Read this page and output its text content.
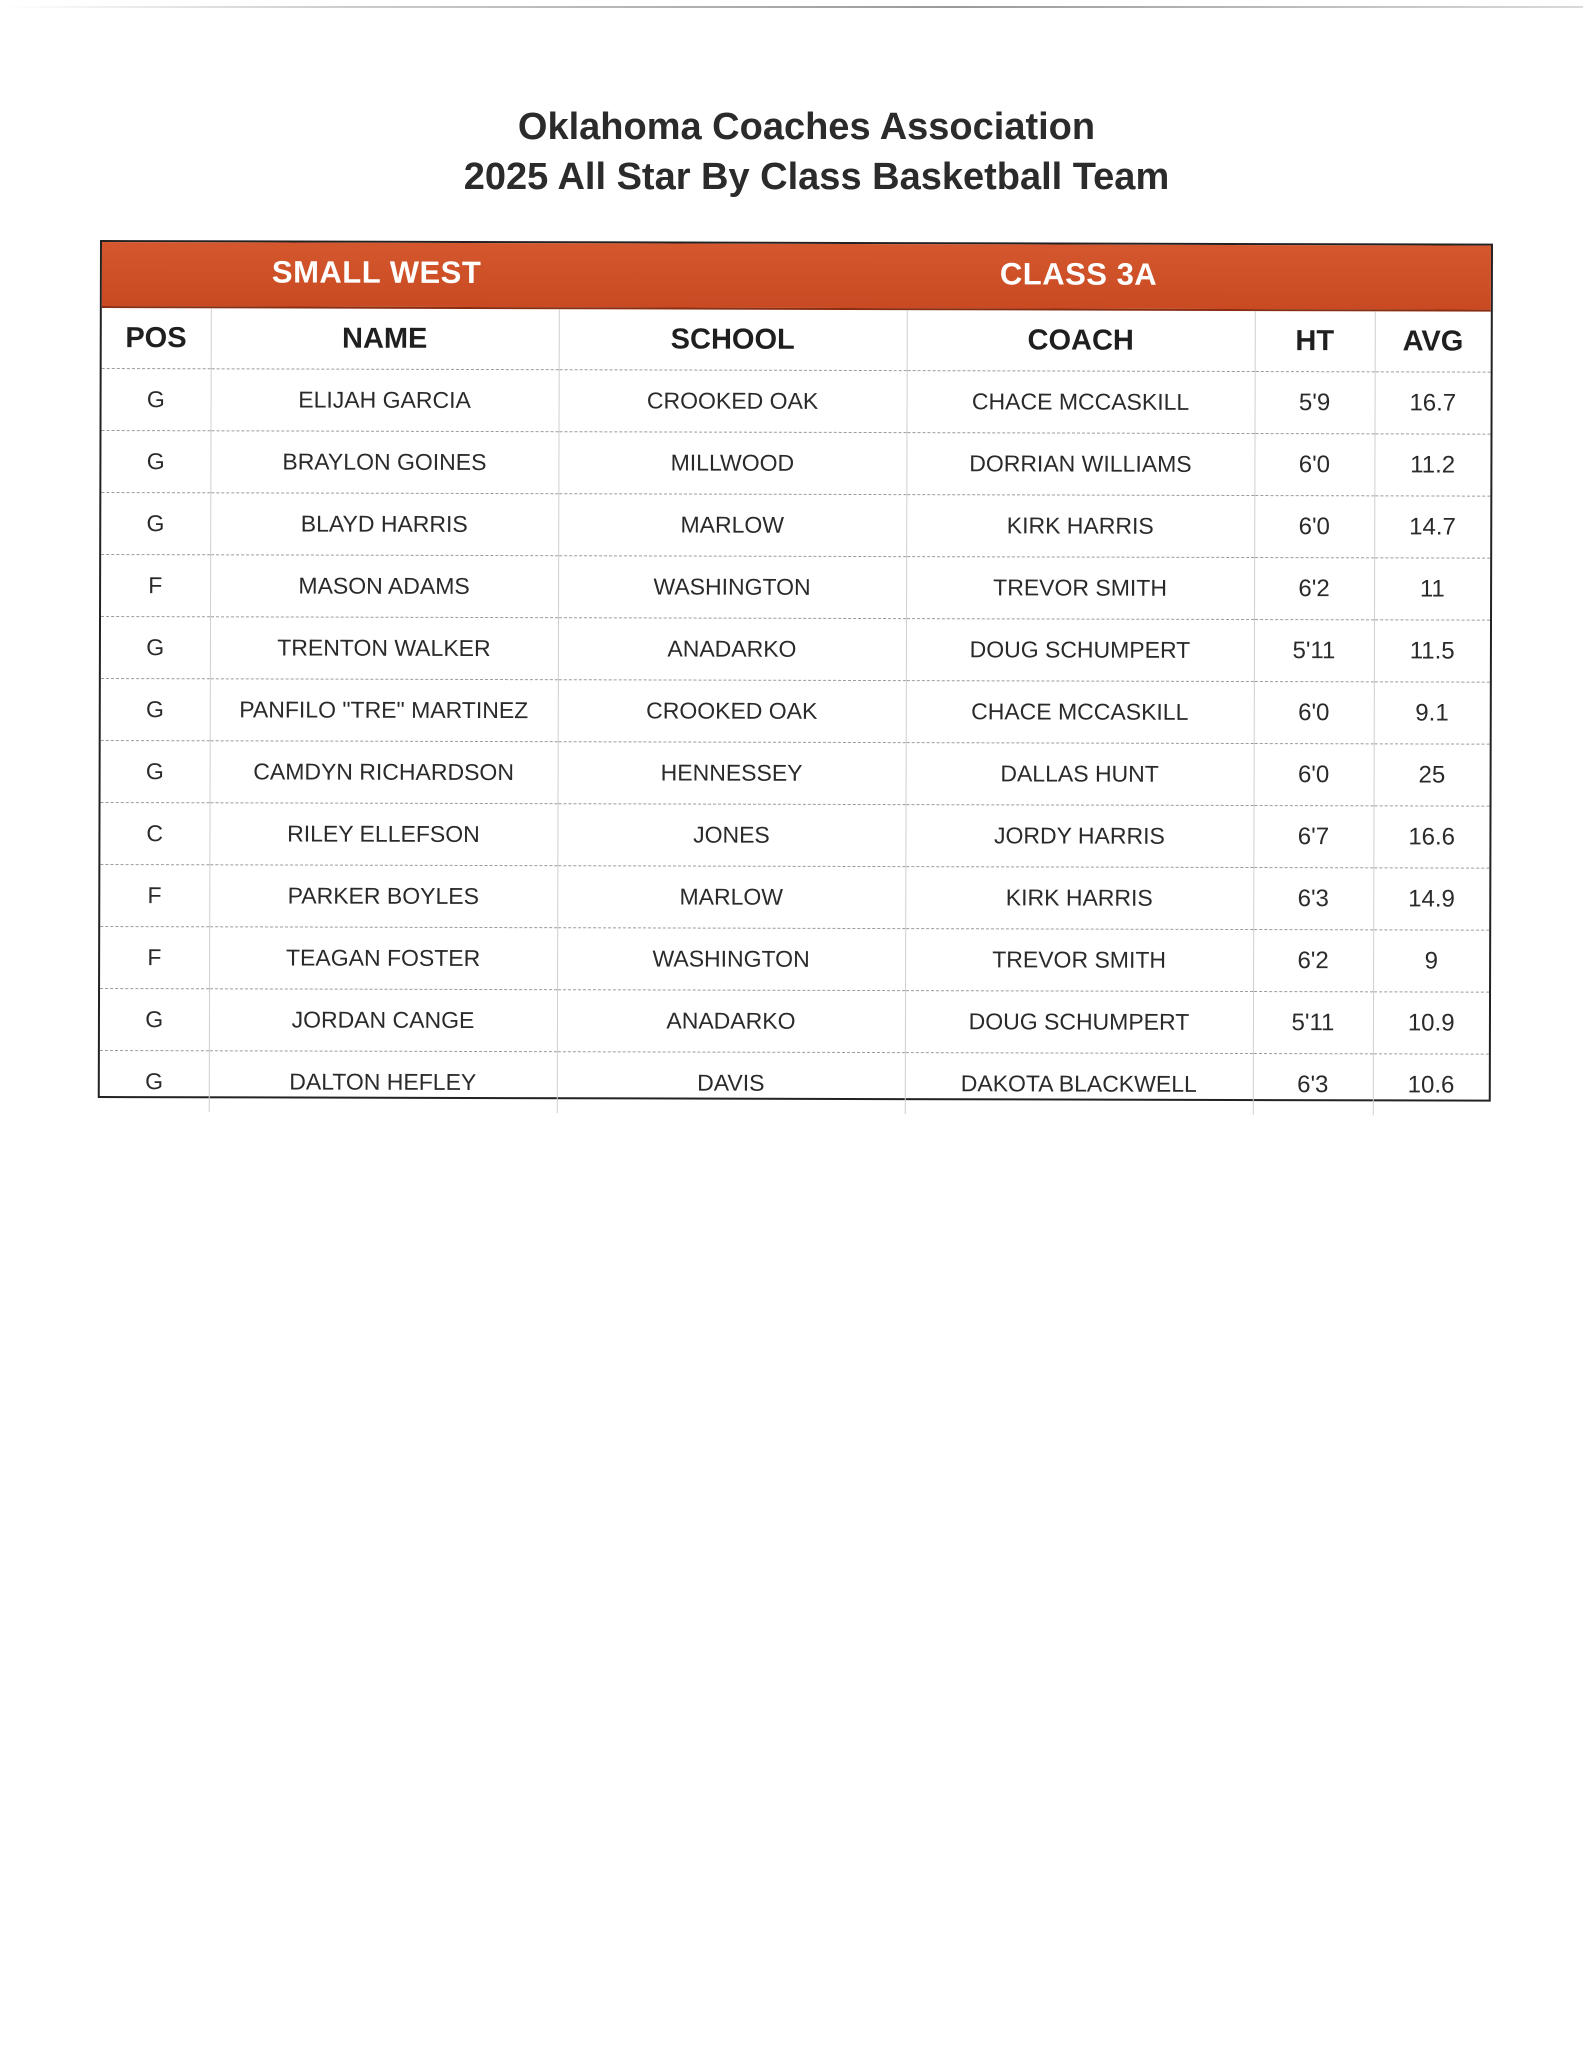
Oklahoma Coaches Association
2025 All Star By Class Basketball Team
SMALL WEST	CLASS 3A
POS	NAME	SCHOOL	COACH	HT	AVG
G	ELIJAH GARCIA	CROOKED OAK	CHACE MCCASKILL	5'9	16.7
G	BRAYLON GOINES	MILLWOOD	DORRIAN WILLIAMS	6'0	11.2
G	BLAYD HARRIS	MARLOW	KIRK HARRIS	6'0	14.7
F	MASON ADAMS	WASHINGTON	TREVOR SMITH	6'2	11
G	TRENTON WALKER	ANADARKO	DOUG SCHUMPERT	5'11	11.5
G	PANFILO "TRE" MARTINEZ	CROOKED OAK	CHACE MCCASKILL	6'0	9.1
G	CAMDYN RICHARDSON	HENNESSEY	DALLAS HUNT	6'0	25
C	RILEY ELLEFSON	JONES	JORDY HARRIS	6'7	16.6
F	PARKER BOYLES	MARLOW	KIRK HARRIS	6'3	14.9
F	TEAGAN FOSTER	WASHINGTON	TREVOR SMITH	6'2	9
G	JORDAN CANGE	ANADARKO	DOUG SCHUMPERT	5'11	10.9
G	DALTON HEFLEY	DAVIS	DAKOTA BLACKWELL	6'3	10.6
